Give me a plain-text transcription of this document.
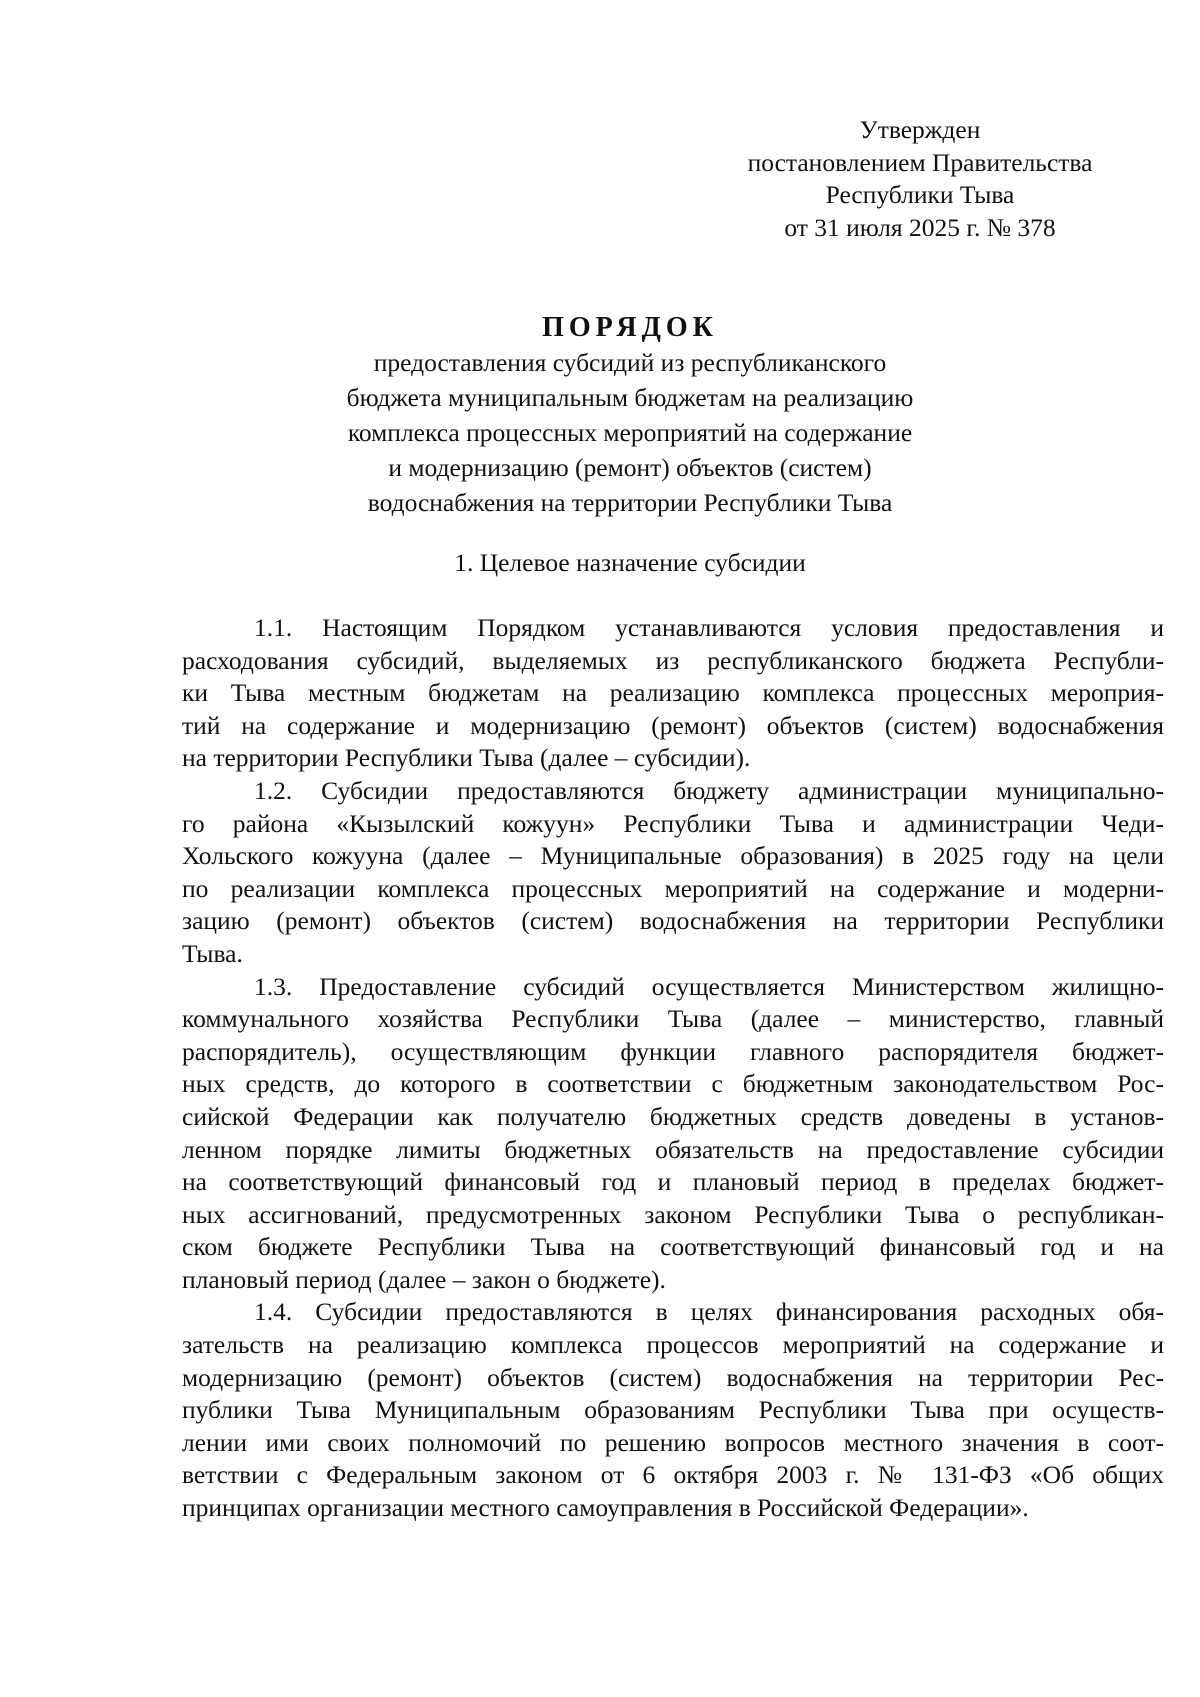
Утвержден
постановлением Правительства
Республики Тыва
от 31 июля 2025 г. № 378
ПОРЯДОК
предоставления субсидий из республиканского
бюджета муниципальным бюджетам на реализацию
комплекса процессных мероприятий на содержание
и модернизацию (ремонт) объектов (систем)
водоснабжения на территории Республики Тыва
1. Целевое назначение субсидии
1.1. Настоящим Порядком устанавливаются условия предоставления и
расходования субсидий, выделяемых из республиканского бюджета Республи-
ки Тыва местным бюджетам на реализацию комплекса процессных мероприя-
тий на содержание и модернизацию (ремонт) объектов (систем) водоснабжения
на территории Республики Тыва (далее – субсидии).
1.2. Субсидии предоставляются бюджету администрации муниципально-
го района «Кызылский кожуун» Республики Тыва и администрации Чеди-
Хольского кожууна (далее – Муниципальные образования) в 2025 году на цели
по реализации комплекса процессных мероприятий на содержание и модерни-
зацию (ремонт) объектов (систем) водоснабжения на территории Республики
Тыва.
1.3. Предоставление субсидий осуществляется Министерством жилищно-
коммунального хозяйства Республики Тыва (далее – министерство, главный
распорядитель), осуществляющим функции главного распорядителя бюджет-
ных средств, до которого в соответствии с бюджетным законодательством Рос-
сийской Федерации как получателю бюджетных средств доведены в установ-
ленном порядке лимиты бюджетных обязательств на предоставление субсидии
на соответствующий финансовый год и плановый период в пределах бюджет-
ных ассигнований, предусмотренных законом Республики Тыва о республикан-
ском бюджете Республики Тыва на соответствующий финансовый год и на
плановый период (далее – закон о бюджете).
1.4. Субсидии предоставляются в целях финансирования расходных обя-
зательств на реализацию комплекса процессов мероприятий на содержание и
модернизацию (ремонт) объектов (систем) водоснабжения на территории Рес-
публики Тыва Муниципальным образованиям Республики Тыва при осуществ-
лении ими своих полномочий по решению вопросов местного значения в соот-
ветствии с Федеральным законом от 6 октября 2003 г. № 131-ФЗ «Об общих
принципах организации местного самоуправления в Российской Федерации».
